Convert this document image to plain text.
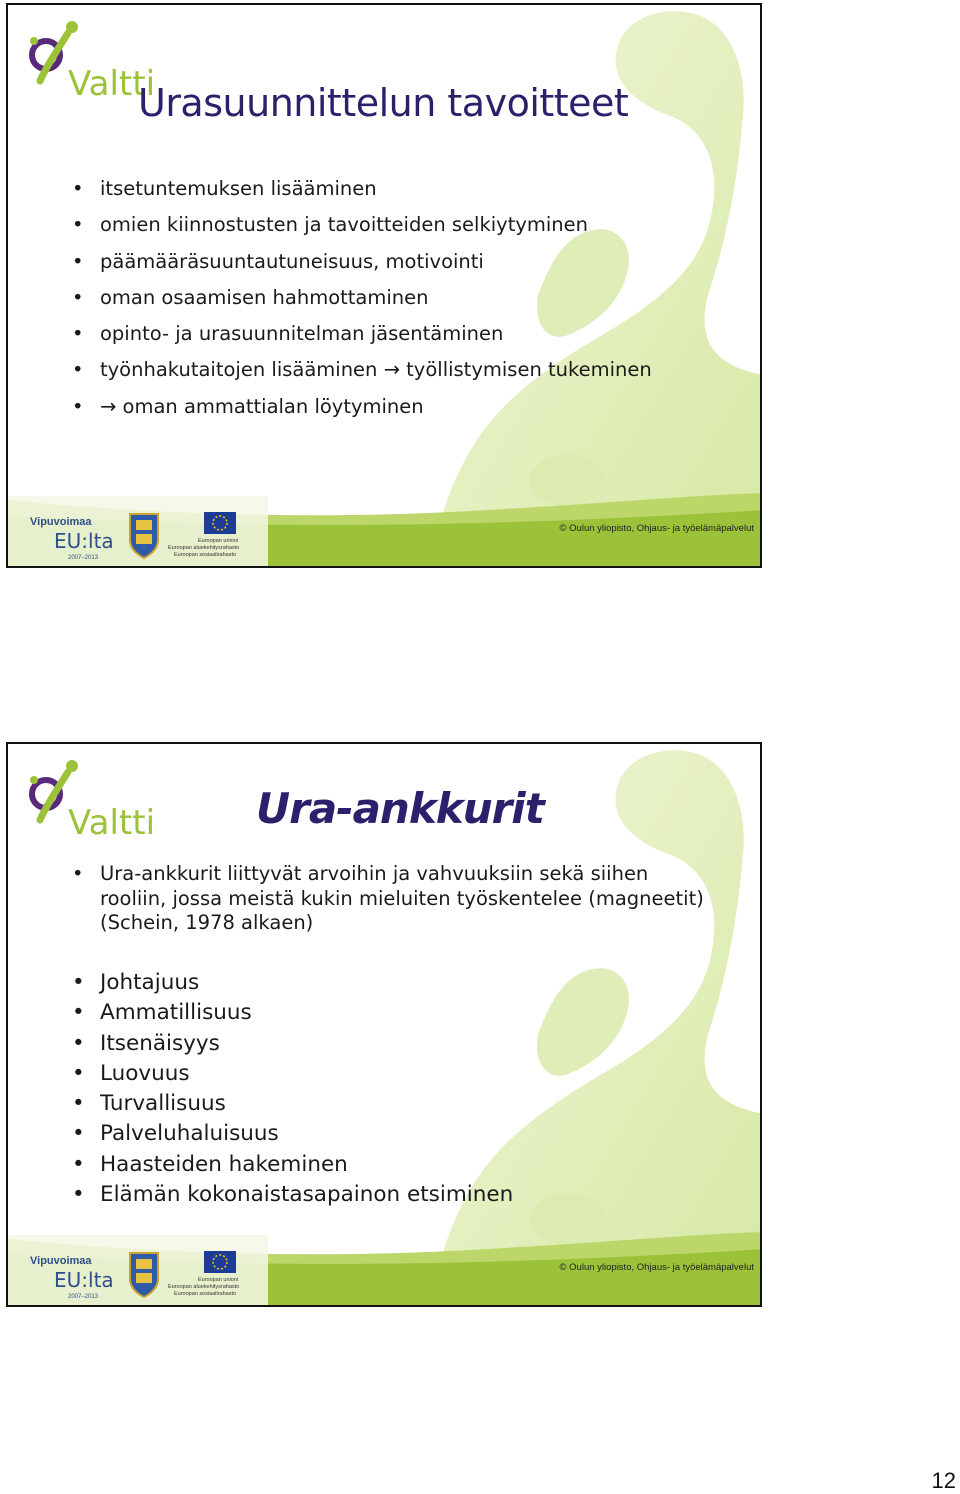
Valtti
Urasuunnittelun tavoitteet
• itsetuntemuksen lisääminen
• omien kiinnostusten ja tavoitteiden selkiytyminen
• päämääräsuuntautuneisuus, motivointi
• oman osaamisen hahmottaminen
• opinto- ja urasuunnitelman jäsentäminen
• työnhakutaitojen lisääminen → työllistymisen tukeminen
• → oman ammattialan löytyminen
Vipuvoimaa
EU:lta
2007–2013
Euroopan unioni
Euroopan aluekehitysrahasto
Euroopan sosiaalirahasto
© Oulun yliopisto, Ohjaus- ja työelämäpalvelut
Valtti Ura-ankkurit
• Ura-ankkurit liittyvät arvoihin ja vahvuuksiin sekä siihen rooliin, jossa meistä kukin mieluiten työskentelee (magneetit) (Schein, 1978 alkaen)
• Johtajuus
• Ammatillisuus
• Itsenäisyys
• Luovuus
• Turvallisuus
• Palveluhaluisuus
• Haasteiden hakeminen
• Elämän kokonaistasapainon etsiminen
Vipuvoimaa
EU:lta
2007–2013
Euroopan unioni
Euroopan aluekehitysrahasto
Euroopan sosiaalirahasto
© Oulun yliopisto, Ohjaus- ja työelämäpalvelut
12
